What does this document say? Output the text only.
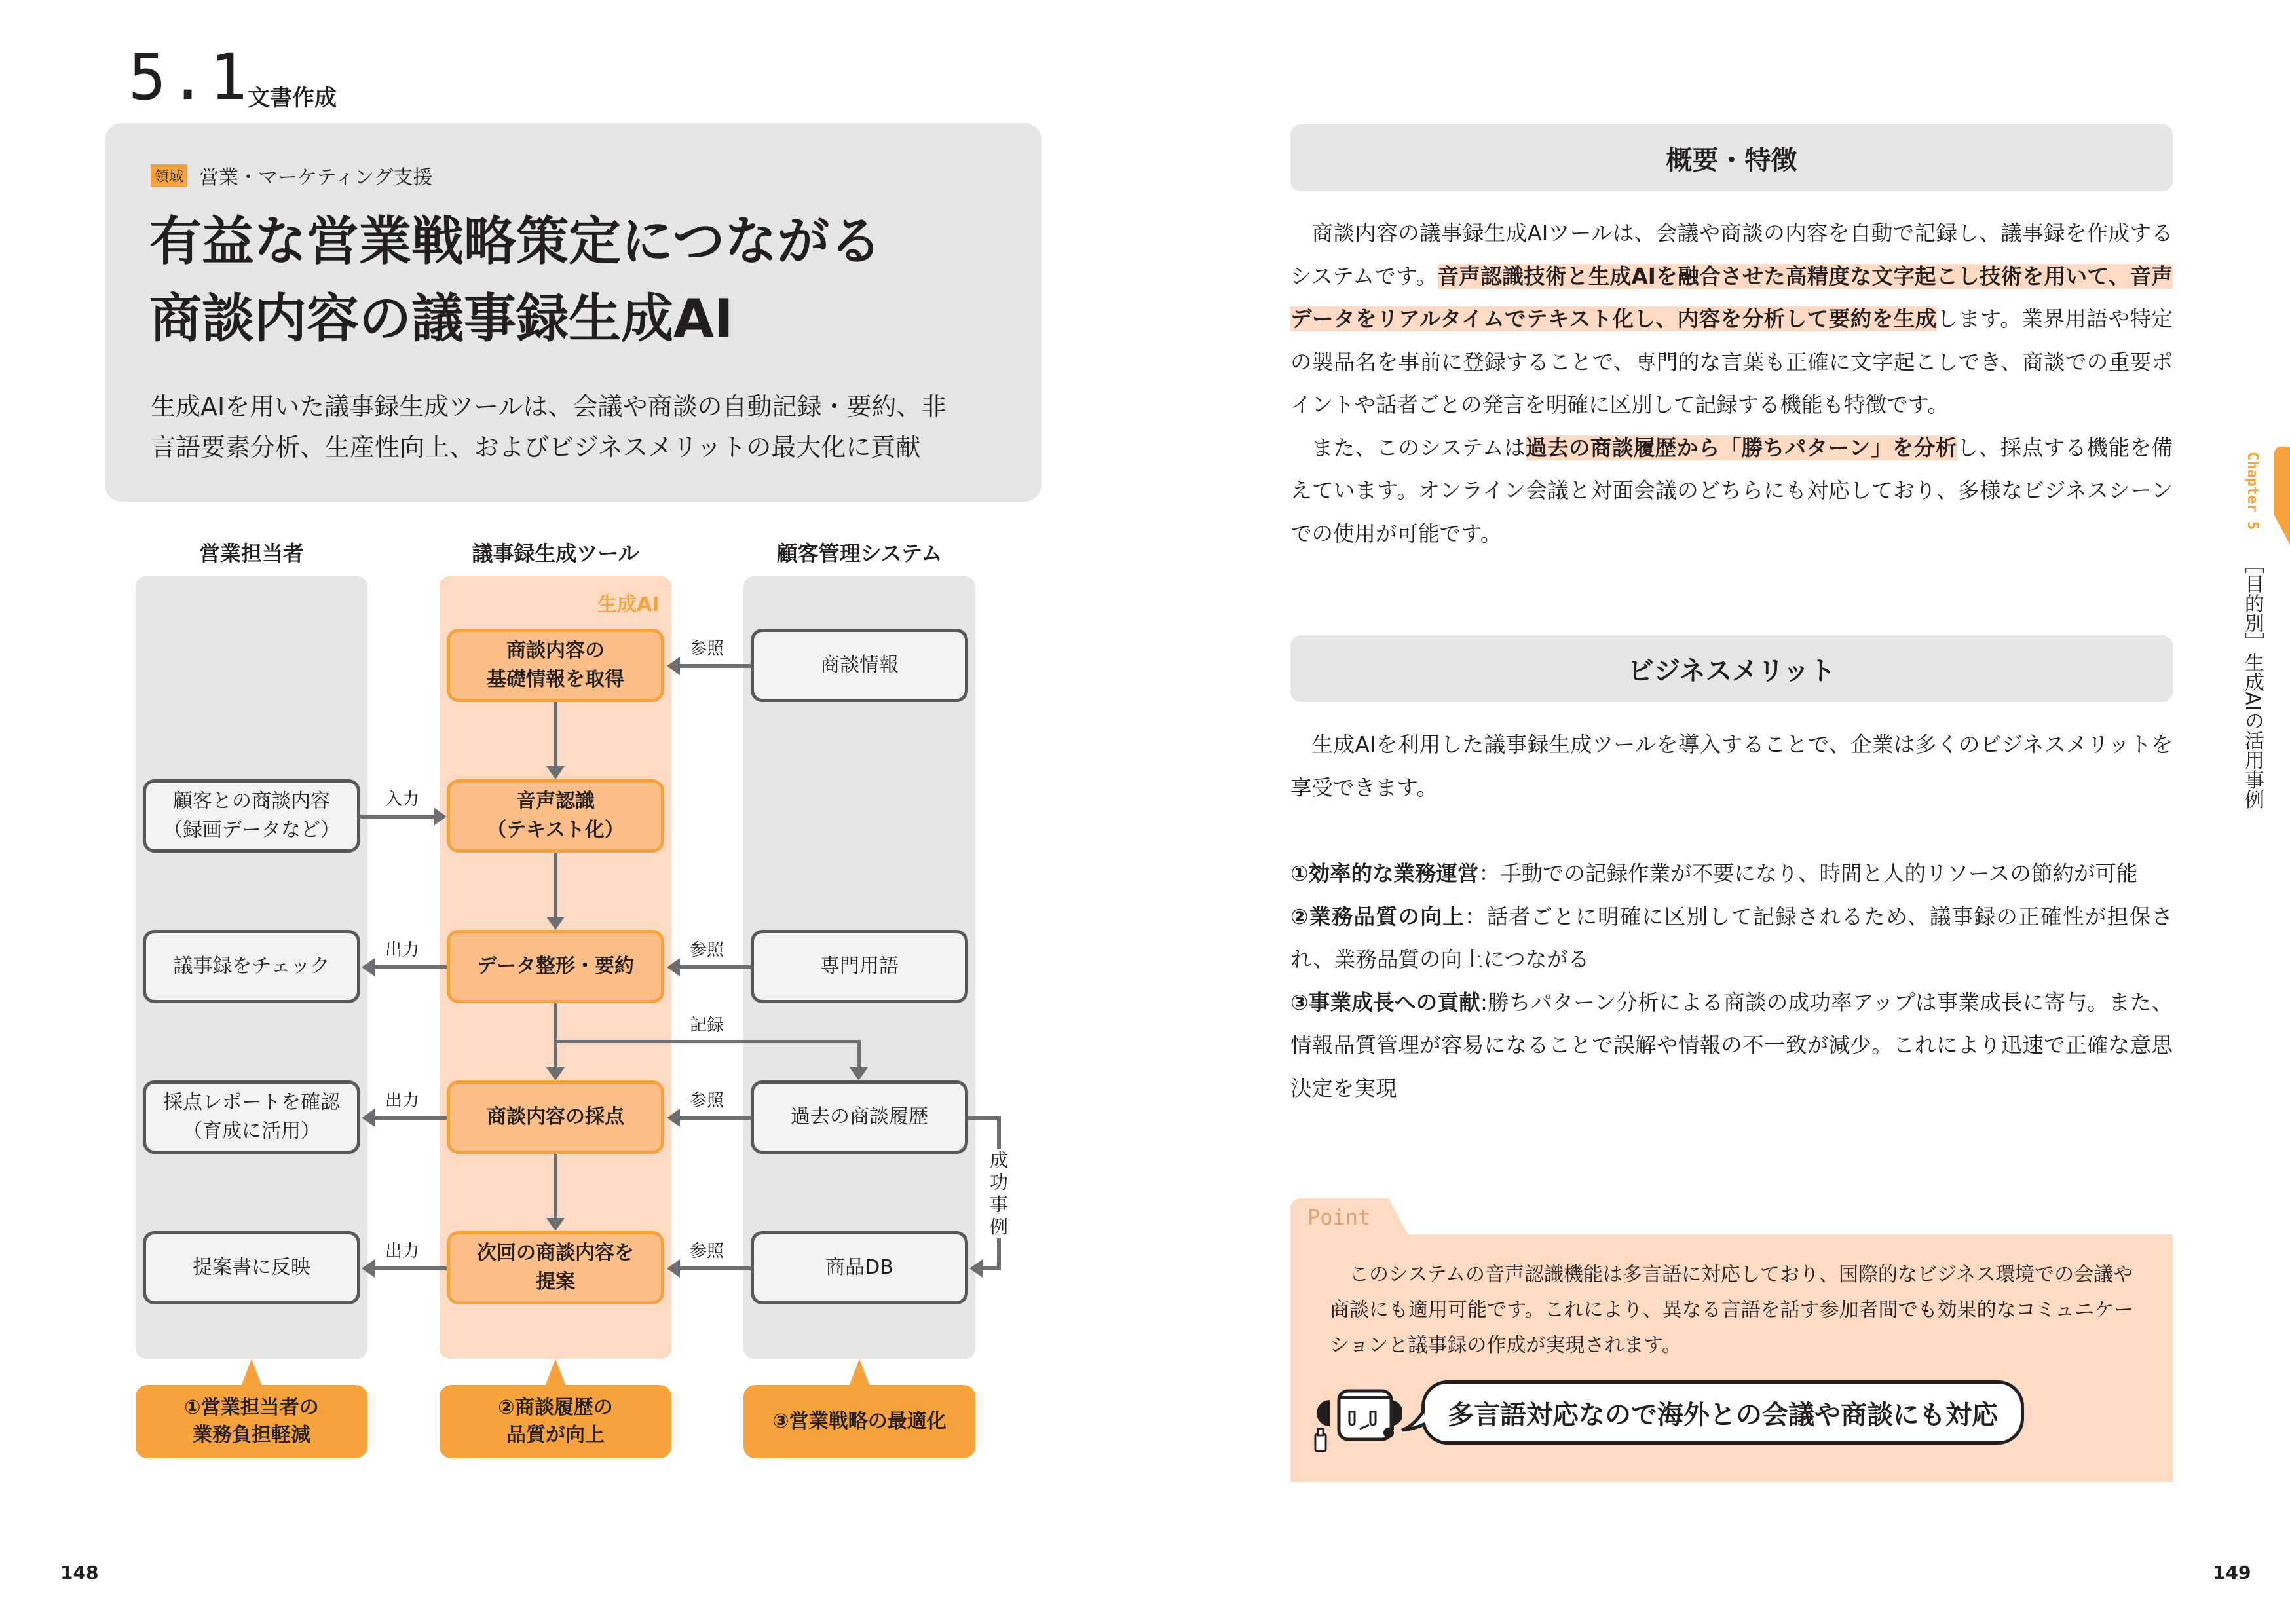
5.1
文書作成
領域 営業・マーケティング支援
有益な営業戦略策定につながる
商談内容の議事録生成AI
生成AIを用いた議事録生成ツールは、会議や商談の自動記録・要約、非
言語要素分析、生産性向上、およびビジネスメリットの最大化に貢献
営業担当者	議事録生成ツール	顧客管理システム
生成AI
商談内容の
基礎情報を取得
音声認識
（テキスト化）
データ整形・要約
商談内容の採点
次回の商談内容を
提案
顧客との商談内容
（録画データなど）
議事録をチェック
採点レポートを確認
（育成に活用）
提案書に反映
商談情報
専門用語
過去の商談履歴
商品DB
記録
参照
参照
参照
参照
入力
出力
出力
出力
成功事例
①営業担当者の
業務負担軽減
②商談履歴の
品質が向上
③営業戦略の最適化
148
概要・特徴

商談内容の議事録生成AIツールは、会議や商談の内容を自動で記録し、議事録を作成するシステムです。音声認識技術と生成AIを融合させた高精度な文字起こし技術を用いて、音声データをリアルタイムでテキスト化し、内容を分析して要約を生成します。業界用語や特定の製品名を事前に登録することで、専門的な言葉も正確に文字起こしでき、商談での重要ポイントや話者ごとの発言を明確に区別して記録する機能も特徴です。

また、このシステムは過去の商談履歴から「勝ちパターン」を分析し、採点する機能を備えています。オンライン会議と対面会議のどちらにも対応しており、多様なビジネスシーンでの使用が可能です。

ビジネスメリット

生成AIを利用した議事録生成ツールを導入することで、企業は多くのビジネスメリットを享受できます。

①効率的な業務運営：手動での記録作業が不要になり、時間と人的リソースの節約が可能

②業務品質の向上：話者ごとに明確に区別して記録されるため、議事録の正確性が担保され、業務品質の向上につながる

③事業成長への貢献:勝ちパターン分析による商談の成功率アップは事業成長に寄与。また、情報品質管理が容易になることで誤解や情報の不一致が減少。これにより迅速で正確な意思決定を実現

Point

このシステムの音声認識機能は多言語に対応しており、国際的なビジネス環境での会議や商談にも適用可能です。これにより、異なる言語を話す参加者間でも効果的なコミュニケーションと議事録の作成が実現されます。

多言語対応なので海外との会議や商談にも対応
Chapter 5  ［目的別］生成AIの活用事例
149
